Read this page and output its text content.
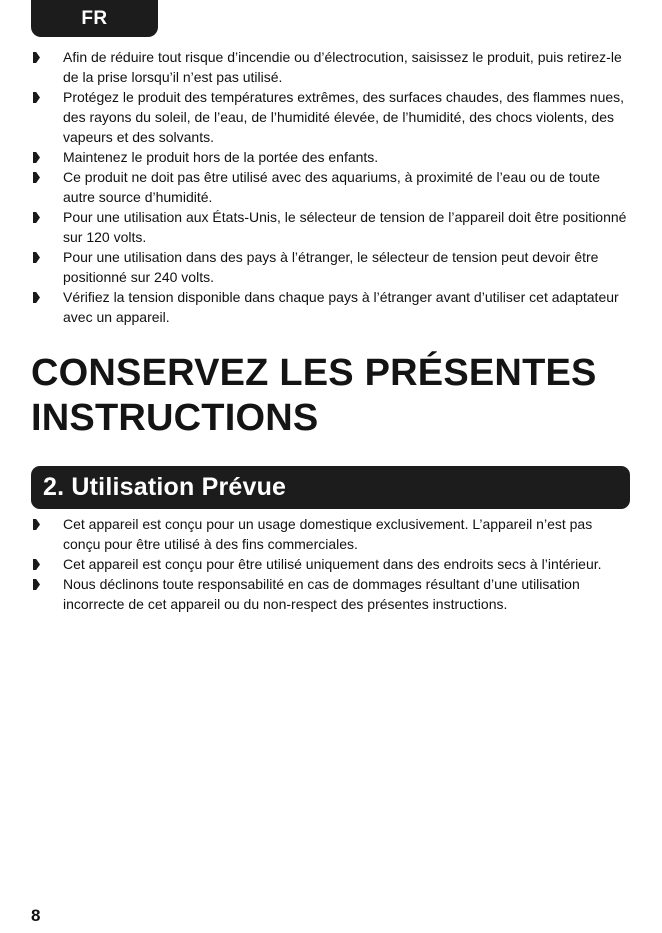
FR
Afin de réduire tout risque d’incendie ou d’électrocution, saisissez le produit, puis retirez-le de la prise lorsqu’il n’est pas utilisé.
Protégez le produit des températures extrêmes, des surfaces chaudes, des flammes nues, des rayons du soleil, de l’eau, de l’humidité élevée, de l’humidité, des chocs violents, des vapeurs et des solvants.
Maintenez le produit hors de la portée des enfants.
Ce produit ne doit pas être utilisé avec des aquariums, à proximité de l’eau ou de toute autre source d’humidité.
Pour une utilisation aux États-Unis, le sélecteur de tension de l’appareil doit être positionné sur 120 volts.
Pour une utilisation dans des pays à l’étranger, le sélecteur de tension peut devoir être positionné sur 240 volts.
Vérifiez la tension disponible dans chaque pays à l’étranger avant d’utiliser cet adaptateur avec un appareil.
CONSERVEZ LES PRÉSENTES INSTRUCTIONS
2. Utilisation Prévue
Cet appareil est conçu pour un usage domestique exclusivement. L’appareil n’est pas conçu pour être utilisé à des fins commerciales.
Cet appareil est conçu pour être utilisé uniquement dans des endroits secs à l’intérieur.
Nous déclinons toute responsabilité en cas de dommages résultant d’une utilisation incorrecte de cet appareil ou du non-respect des présentes instructions.
8
